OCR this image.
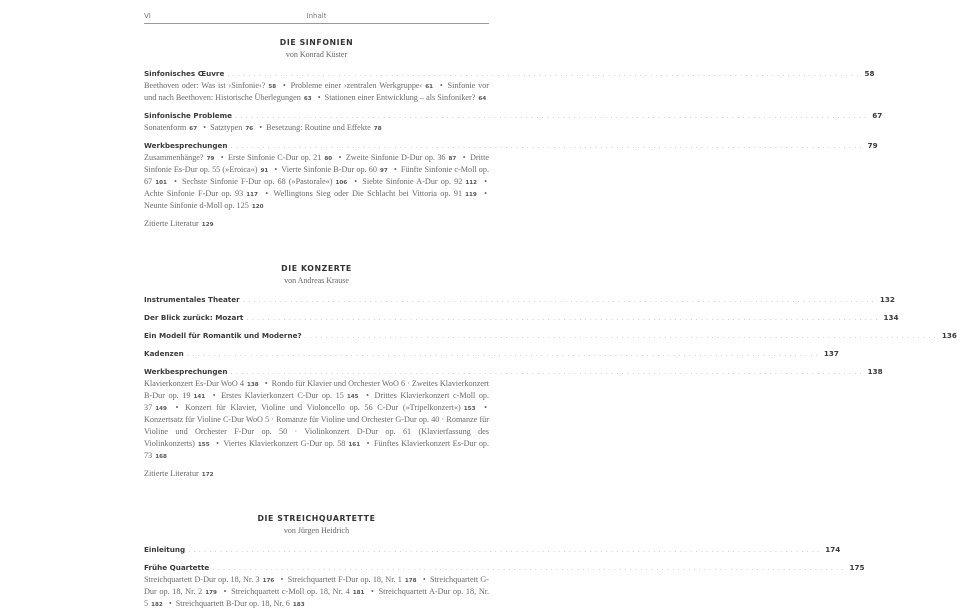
VI	Inhalt
DIE SINFONIEN
von Konrad Küster
Sinfonisches Œuvre ........................................................................................................................ 58
Beethoven oder: Was ist ›Sinfonie‹? 58 • Probleme einer ›zentralen Werkgruppe‹ 61 • Sinfonie vor und nach Beethoven: Historische Überlegungen 63 • Stationen einer Entwicklung – als Sinfoniker? 64
Sinfonische Probleme ........................................................................................................................ 67
Sonatenform 67 • Satztypen 76 • Besetzung: Routine und Effekte 78
Werkbesprechungen ........................................................................................................................ 79
Zusammenhänge? 79 • Erste Sinfonie C-Dur op. 21 80 • Zweite Sinfonie D-Dur op. 36 87 • Dritte Sinfonie Es-Dur op. 55 (»Eroica«) 91 • Vierte Sinfonie B-Dur op. 60 97 • Fünfte Sinfonie c-Moll op. 67 101 • Sechste Sinfonie F-Dur op. 68 (»Pastorale«) 106 • Siebte Sinfonie A-Dur op. 92 112 • Achte Sinfonie F-Dur op. 93 117 • Wellingtons Sieg oder Die Schlacht bei Vittoria op. 91 119 • Neunte Sinfonie d-Moll op. 125 120
Zitierte Literatur 129
DIE KONZERTE
von Andreas Krause
Instrumentales Theater ........................................................................................................................ 132
Der Blick zurück: Mozart ........................................................................................................................ 134
Ein Modell für Romantik und Moderne? ........................................................................................................................ 136
Kadenzen ........................................................................................................................ 137
Werkbesprechungen ........................................................................................................................ 138
Klavierkonzert Es-Dur WoO 4 138 • Rondo für Klavier und Orchester WoO 6 · Zweites Klavierkonzert B-Dur op. 19 141 • Erstes Klavierkonzert C-Dur op. 15 145 • Drittes Klavierkonzert c-Moll op. 37 149 • Konzert für Klavier, Violine und Violoncello op. 56 C-Dur (»Tripelkonzert«) 153 • Konzertsatz für Violine C-Dur WoO 5 · Romanze für Violine und Orchester G-Dur op. 40 · Romanze für Violine und Orchester F-Dur op. 50 · Violinkonzert D-Dur op. 61 (Klavierfassung des Violinkonzerts) 155 • Viertes Klavierkonzert G-Dur op. 58 161 • Fünftes Klavierkonzert Es-Dur op. 73 168
Zitierte Literatur 172
DIE STREICHQUARTETTE
von Jürgen Heidrich
Einleitung ........................................................................................................................ 174
Frühe Quartette ........................................................................................................................ 175
Streichquartett D-Dur op. 18, Nr. 3 176 • Streichquartett F-Dur op. 18, Nr. 1 178 • Streichquartett G-Dur op. 18, Nr. 2 179 • Streichquartett c-Moll op. 18, Nr. 4 181 • Streichquartett A-Dur op. 18, Nr. 5 182 • Streichquartett B-Dur op. 18, Nr. 6 183
